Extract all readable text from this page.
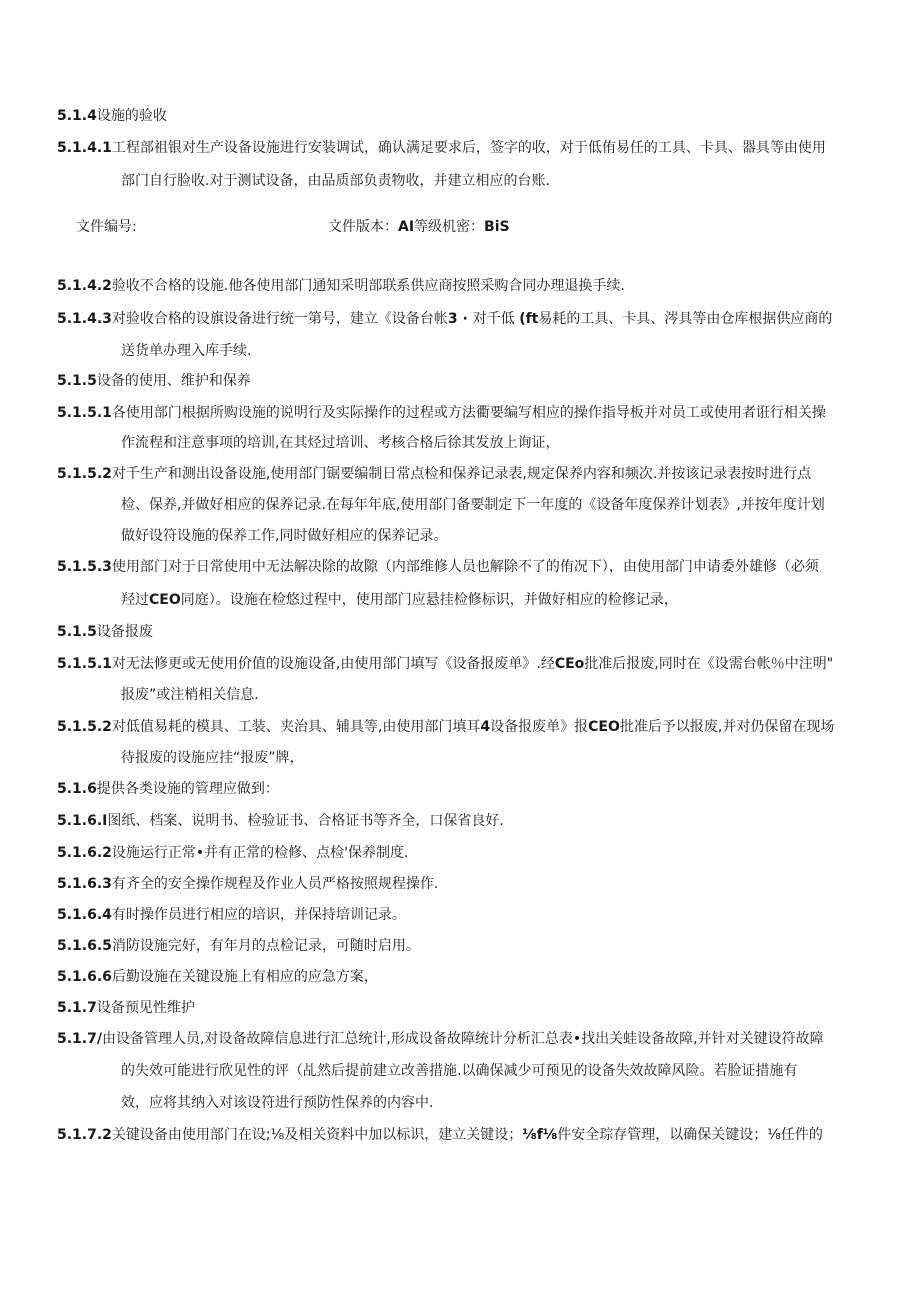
5.1.4设施的验收
5.1.4.1工程部祖银对生产设备设施进行安装调试，确认满足要求后，签字的收，对于低侑易任的工具、卡具、器具等由使用
部门自行脸收.对于测试设备，由品质部负责物收，并建立相应的台账.
文件编号:	文件版本：AI等级机密：BiS
5.1.4.2验收不合格的设施.他各使用部门通知采明部联系供应商按照采购合同办理退换手续.
5.1.4.3对验收合格的设旗设备进行统一第号，建立《设备台帐3 · 对千低 (ft易耗的工具、卡具、涔具等由仓库根据供应商的
送货单办理入库手续.
5.1.5设备的使用、维护和保养
5.1.5.1各使用部门根据所购设施的说明行及实际操作的过程或方法衢要编写相应的操作指导板并对员工或使用者诳行相关操
作流程和注意事项的培训,在其烃过培训、考核合格后徐其发放上询证，
5.1.5.2对千生产和测出设备设施,使用部门锯要编制日常点检和保养记录表,规定保养内容和频次.并按该记录表按时进行点
检、保养,并做好相应的保养记录.在每年年底,使用部门备要制定下一年度的《设备年度保养计划表》,并按年度计划
做好设符设施的保养工作,同时做好相应的保养记录。
5.1.5.3使用部门对于日常使用中无法解决除的故隙（内部维修人员也解除不了的侑况下），由使用部门申请委外雄修（必须
羟过CEO同庭）。设施在检悠过程中，使用部门应悬挂检修标识，并做好相应的检修记录，
5.1.5设备报废
5.1.5.1对无法修更或无使用价值的设施设备,由使用部门填写《设备报废单》.经CEo批准后报废,同时在《设需台帐％中注明"
报废”或注梢相关信息.
5.1.5.2对低值易耗的模具、工装、夹治具、辅具等,由使用部门填耳4设备报废单》报CEO批准后予以报废,并对仍保留在现场
待报废的设施应挂“报废”牌，
5.1.6提供各类设施的管理应做到：
5.1.6.I图纸、档案、说明书、检验证书、合格证书等齐全，口保省良好.
5.1.6.2设施运行正常•并有正常的检修、点检'保养制度.
5.1.6.3有齐全的安全操作规程及作业人员严格按照规程操作.
5.1.6.4有时操作员进行相应的培识，并保持培训记录。
5.1.6.5消防设施完好，有年月的点检记录，可随时启用。
5.1.6.6后勤设施在关键设施上有相应的应急方案，
5.1.7设备预见性维护
5.1.7/由设备管理人员,对设备故障信息进行汇总统计,形成设备故障统计分析汇总表•找出关蛙设备故障,并针对关键设符故障
的失效可能进行欣见性的评（乩然后提前建立改善措施.以确保减少可预见的设备失效故障风险。若脸证措施有
效，应将其纳入对该设符进行预防性保养的内容中.
5.1.7.2关键设备由使用部门在设;⅛及相关资料中加以标识，建立关键设；⅛f⅛件安全琮存管理，以确保关键设；⅛任件的
